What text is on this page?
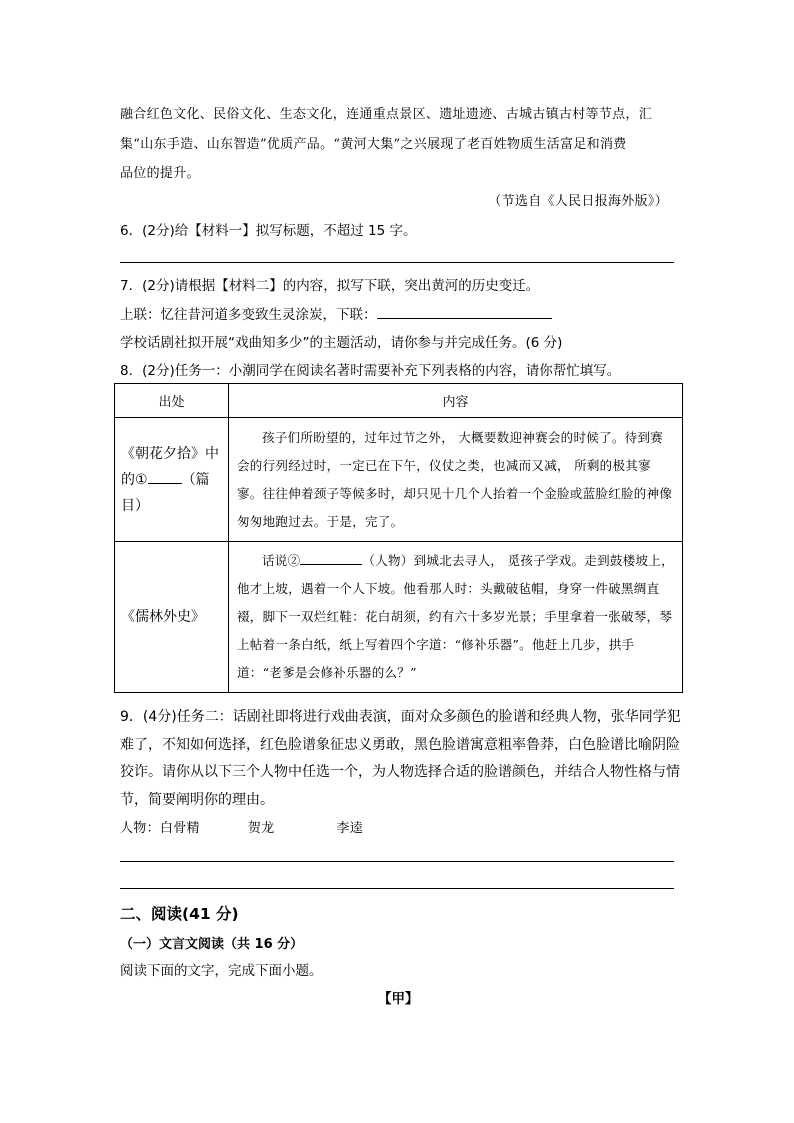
融合红色文化、民俗文化、生态文化，连通重点景区、遗址遗迹、古城古镇古村等节点，汇
集“山东手造、山东智造”优质产品。“黄河大集”之兴展现了老百姓物质生活富足和消费
品位的提升。
（节选自《人民日报海外版》）
6．(2分)给【材料一】拟写标题，不超过 15 字。
7．(2分)请根据【材料二】的内容，拟写下联，突出黄河的历史变迁。
上联：忆往昔河道多变致生灵涂炭，下联：
学校话剧社拟开展“戏曲知多少”的主题活动，请你参与并完成任务。(6 分)
8．(2分)任务一：小潮同学在阅读名著时需要补充下列表格的内容，请你帮忙填写。
出处	内容

《朝花夕拾》中
的① （篇
目）	孩子们所盼望的，过年过节之外， 大概要数迎神赛会的时候了。待到赛会的行列经过时，一定已在下午，仪仗之类，也减而又减， 所剩的极其寥寥。往往伸着颈子等候多时，却只见十几个人抬着一个金脸或蓝脸红脸的神像匆匆地跑过去。于是，完了。

《儒林外史》	话说② （人物）到城北去寻人， 觅孩子学戏。走到鼓楼坡上，他才上坡，遇着一个人下坡。他看那人时：头戴破毡帽，身穿一件破黑绸直裰，脚下一双烂红鞋：花白胡须，约有六十多岁光景；手里拿着一张破琴，琴上帖着一条白纸，纸上写着四个字道：“修补乐器”。他赶上几步，拱手道：“老爹是会修补乐器的么？”
9．(4分)任务二：话剧社即将进行戏曲表演，面对众多颜色的脸谱和经典人物，张华同学犯
难了，不知如何选择，红色脸谱象征忠义勇敢，黑色脸谱寓意粗率鲁莽，白色脸谱比喻阴险
狡诈。请你从以下三个人物中任选一个，为人物选择合适的脸谱颜色，并结合人物性格与情
节，简要阐明你的理由。
人物：白骨精	贺龙	李逵
二、阅读(41 分)
（一）文言文阅读（共 16 分）
阅读下面的文字，完成下面小题。
【甲】
